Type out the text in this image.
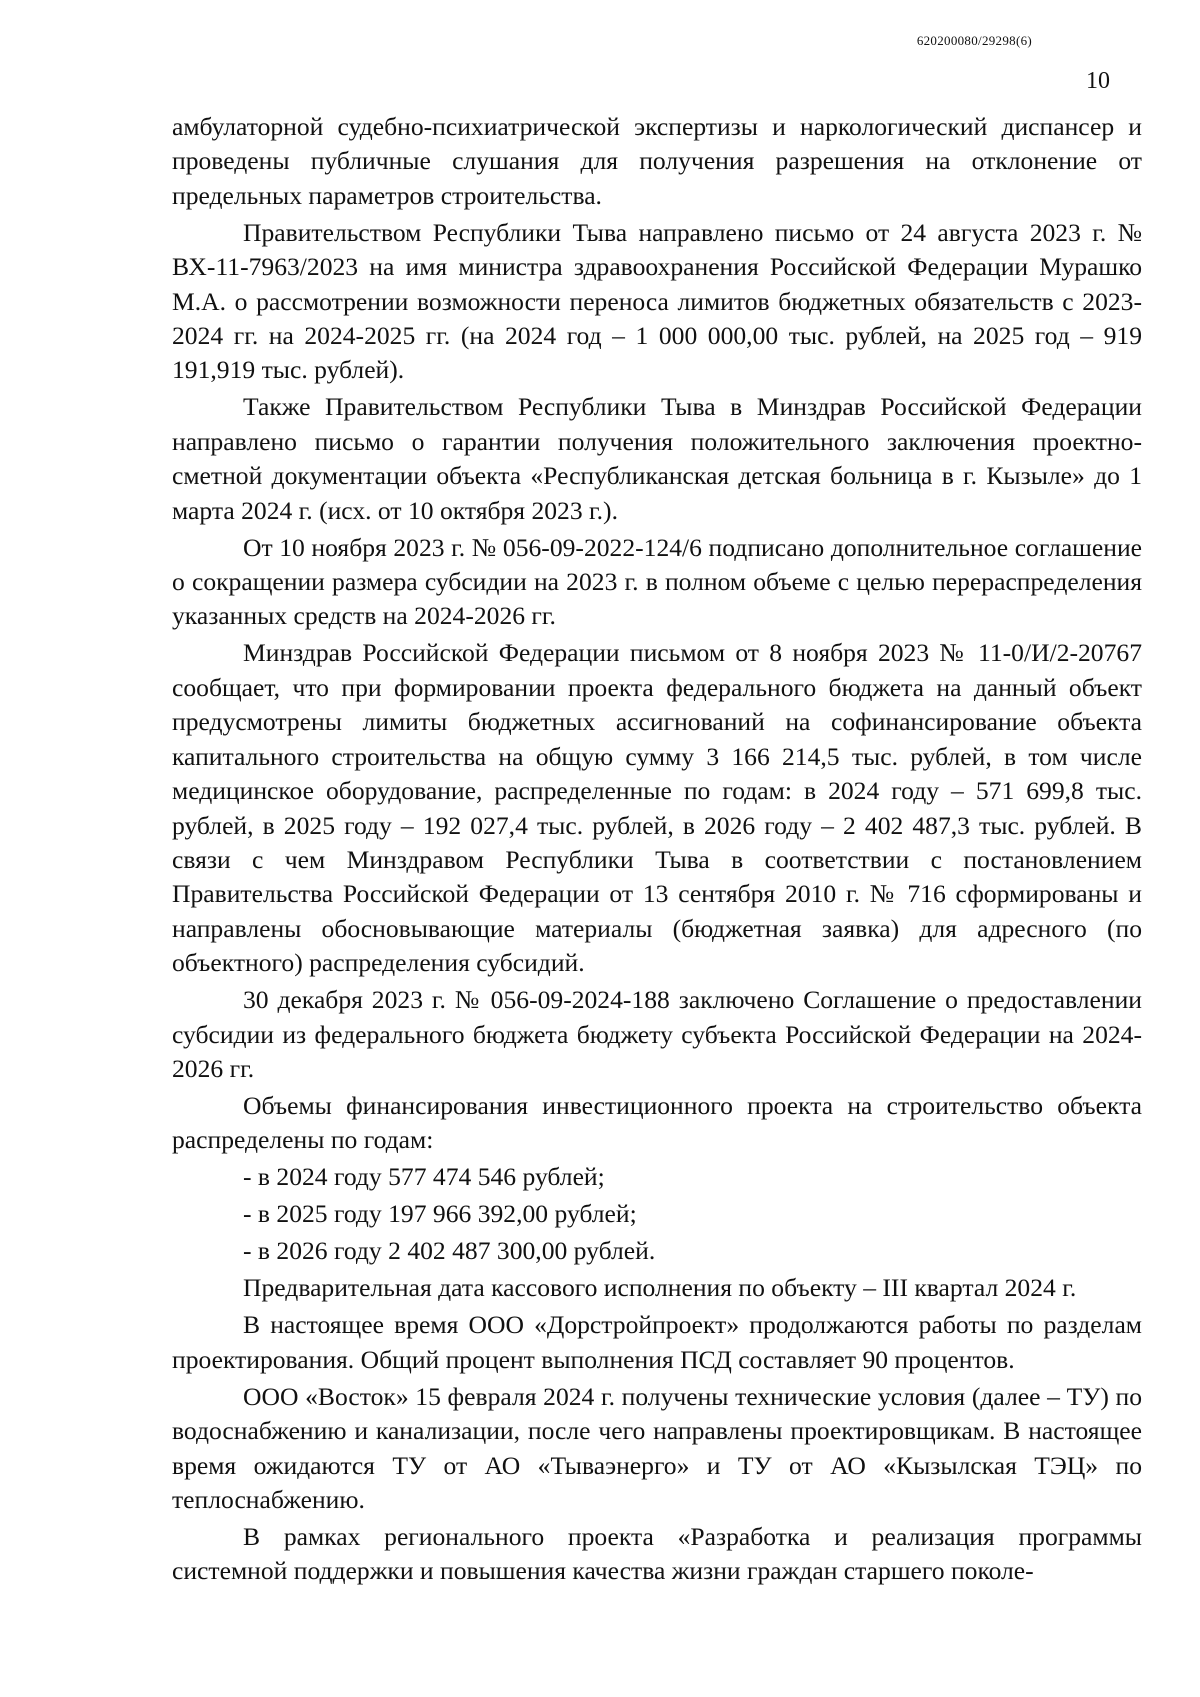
620200080/29298(6)
10

амбулаторной судебно-психиатрической экспертизы и наркологический диспансер и проведены публичные слушания для получения разрешения на отклонение от предельных параметров строительства.

Правительством Республики Тыва направлено письмо от 24 августа 2023 г. № ВХ-11-7963/2023 на имя министра здравоохранения Российской Федерации Мурашко М.А. о рассмотрении возможности переноса лимитов бюджетных обязательств с 2023-2024 гг. на 2024-2025 гг. (на 2024 год – 1 000 000,00 тыс. рублей, на 2025 год – 919 191,919 тыс. рублей).

Также Правительством Республики Тыва в Минздрав Российской Федерации направлено письмо о гарантии получения положительного заключения проектно-сметной документации объекта «Республиканская детская больница в г. Кызыле» до 1 марта 2024 г. (исх. от 10 октября 2023 г.).

От 10 ноября 2023 г. № 056-09-2022-124/6 подписано дополнительное соглашение о сокращении размера субсидии на 2023 г. в полном объеме с целью перераспределения указанных средств на 2024-2026 гг.

Минздрав Российской Федерации письмом от 8 ноября 2023 № 11-0/И/2-20767 сообщает, что при формировании проекта федерального бюджета на данный объект предусмотрены лимиты бюджетных ассигнований на софинансирование объекта капитального строительства на общую сумму 3 166 214,5 тыс. рублей, в том числе медицинское оборудование, распределенные по годам: в 2024 году – 571 699,8 тыс. рублей, в 2025 году – 192 027,4 тыс. рублей, в 2026 году – 2 402 487,3 тыс. рублей. В связи с чем Минздравом Республики Тыва в соответствии с постановлением Правительства Российской Федерации от 13 сентября 2010 г. № 716 сформированы и направлены обосновывающие материалы (бюджетная заявка) для адресного (по объектного) распределения субсидий.

30 декабря 2023 г. № 056-09-2024-188 заключено Соглашение о предоставлении субсидии из федерального бюджета бюджету субъекта Российской Федерации на 2024-2026 гг.

Объемы финансирования инвестиционного проекта на строительство объекта распределены по годам:

- в 2024 году 577 474 546 рублей;

- в 2025 году 197 966 392,00 рублей;

- в 2026 году 2 402 487 300,00 рублей.

Предварительная дата кассового исполнения по объекту – III квартал 2024 г.

В настоящее время ООО «Дорстройпроект» продолжаются работы по разделам проектирования. Общий процент выполнения ПСД составляет 90 процентов.

ООО «Восток» 15 февраля 2024 г. получены технические условия (далее – ТУ) по водоснабжению и канализации, после чего направлены проектировщикам. В настоящее время ожидаются ТУ от АО «Тываэнерго» и ТУ от АО «Кызылская ТЭЦ» по теплоснабжению.

В рамках регионального проекта «Разработка и реализация программы системной поддержки и повышения качества жизни граждан старшего поколе-
